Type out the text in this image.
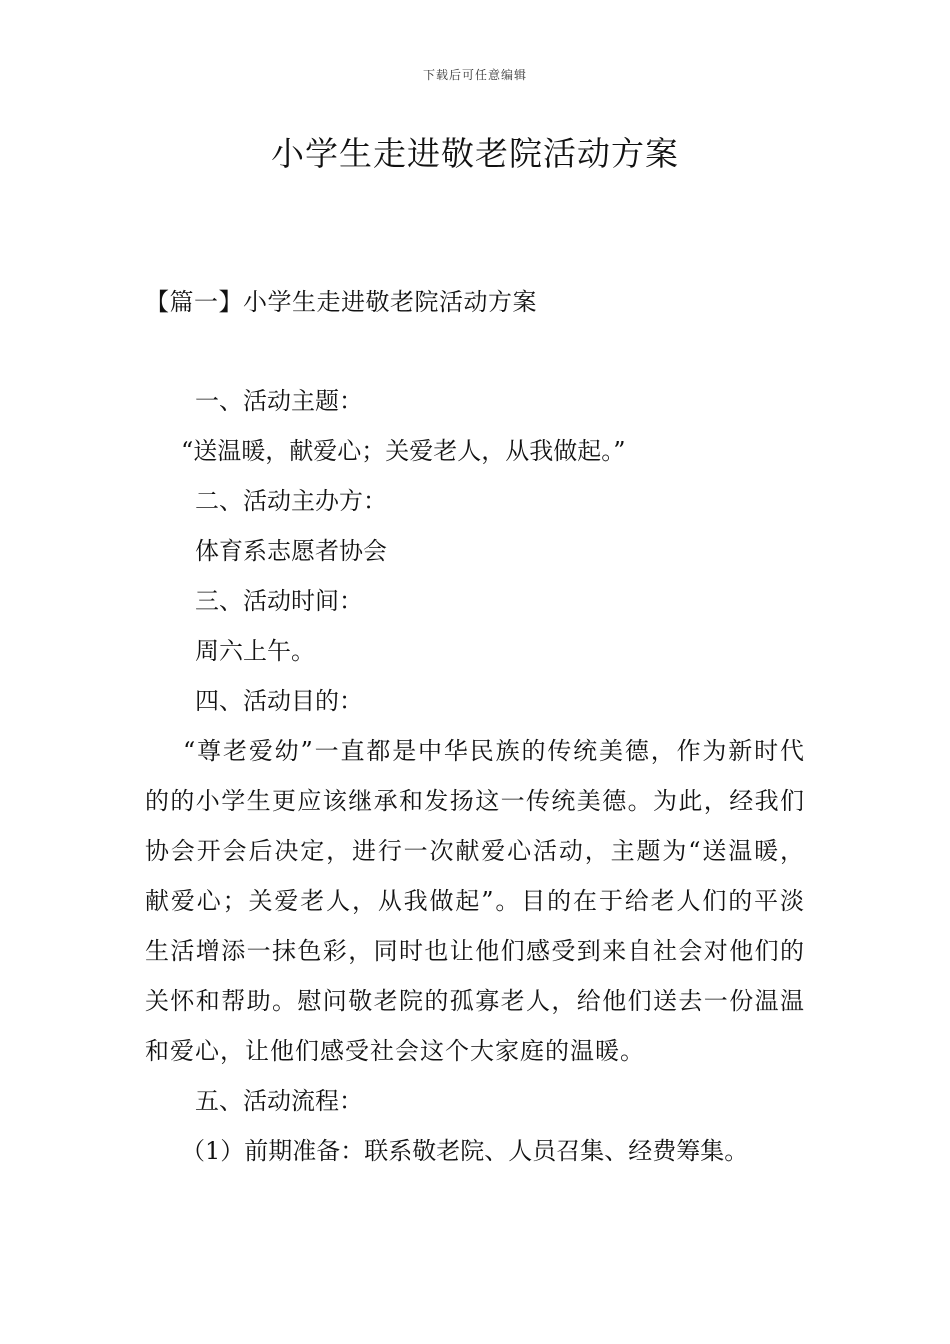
下载后可任意编辑
小学生走进敬老院活动方案
【篇一】小学生走进敬老院活动方案
一、活动主题：
“送温暖，献爱心；关爱老人，从我做起。”
二、活动主办方：
体育系志愿者协会
三、活动时间：
周六上午。
四、活动目的：
“尊老爱幼”一直都是中华民族的传统美德，作为新时代的的小学生更应该继承和发扬这一传统美德。为此，经我们协会开会后决定，进行一次献爱心活动，主题为“送温暖，献爱心；关爱老人，从我做起”。目的在于给老人们的平淡生活增添一抹色彩，同时也让他们感受到来自社会对他们的关怀和帮助。慰问敬老院的孤寡老人，给他们送去一份温温和爱心，让他们感受社会这个大家庭的温暖。
五、活动流程：
（1）前期准备：联系敬老院、人员召集、经费筹集。
